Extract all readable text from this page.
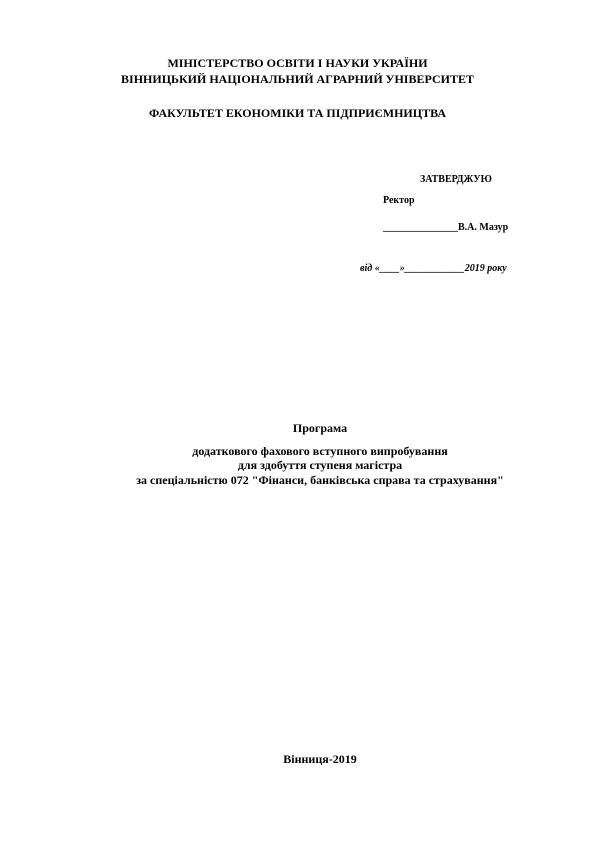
МІНІСТЕРСТВО ОСВІТИ І НАУКИ УКРАЇНИ
ВІННИЦЬКИЙ НАЦІОНАЛЬНИЙ АГРАРНИЙ УНІВЕРСИТЕТ
ФАКУЛЬТЕТ ЕКОНОМІКИ ТА ПІДПРИЄМНИЦТВА
ЗАТВЕРДЖУЮ
Ректор
_______________В.А. Мазур
від «____»____________2019 року
Програма
додаткового фахового вступного випробування
для здобуття ступеня магістра
за спеціальністю 072 "Фінанси, банківська справа та страхування"
Вінниця-2019
